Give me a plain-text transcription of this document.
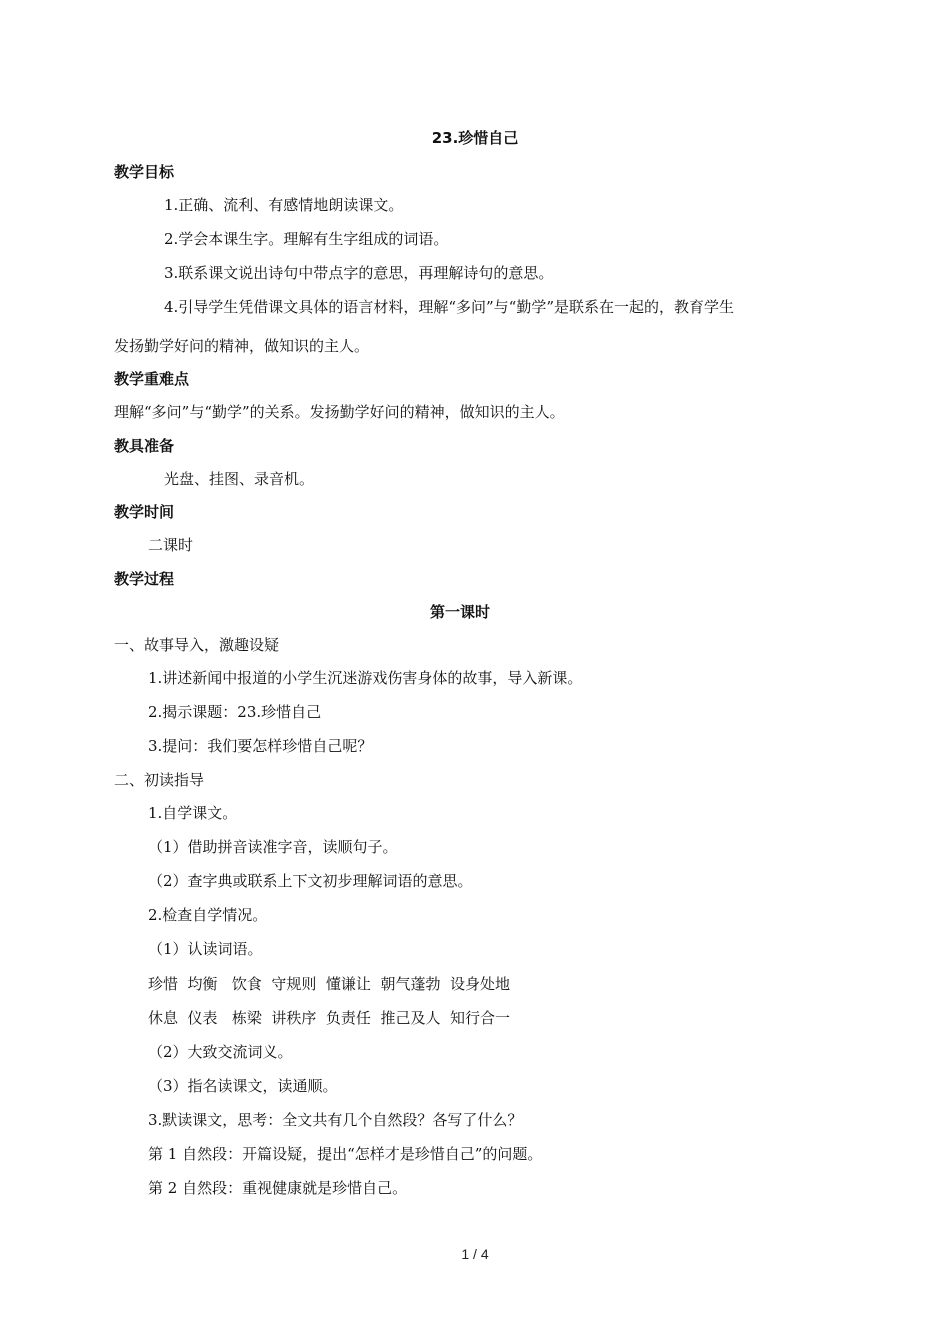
23.珍惜自己
教学目标
1.正确、流利、有感情地朗读课文。
2.学会本课生字。理解有生字组成的词语。
3.联系课文说出诗句中带点字的意思，再理解诗句的意思。
4.引导学生凭借课文具体的语言材料，理解“多问”与“勤学”是联系在一起的，教育学生
发扬勤学好问的精神，做知识的主人。
教学重难点
理解“多问”与“勤学”的关系。发扬勤学好问的精神，做知识的主人。
教具准备
光盘、挂图、录音机。
教学时间
二课时
教学过程
第一课时
一、故事导入，激趣设疑
1.讲述新闻中报道的小学生沉迷游戏伤害身体的故事，导入新课。
2.揭示课题：23.珍惜自己
3.提问：我们要怎样珍惜自己呢？
二、初读指导
1.自学课文。
（1）借助拼音读准字音，读顺句子。
（2）查字典或联系上下文初步理解词语的意思。
2.检查自学情况。
（1）认读词语。
珍惜  均衡   饮食  守规则  懂谦让  朝气蓬勃  设身处地
休息  仪表   栋梁  讲秩序  负责任  推己及人  知行合一
（2）大致交流词义。
（3）指名读课文，读通顺。
3.默读课文，思考：全文共有几个自然段？各写了什么？
第 1 自然段：开篇设疑，提出“怎样才是珍惜自己”的问题。
第 2 自然段：重视健康就是珍惜自己。
1 / 4
